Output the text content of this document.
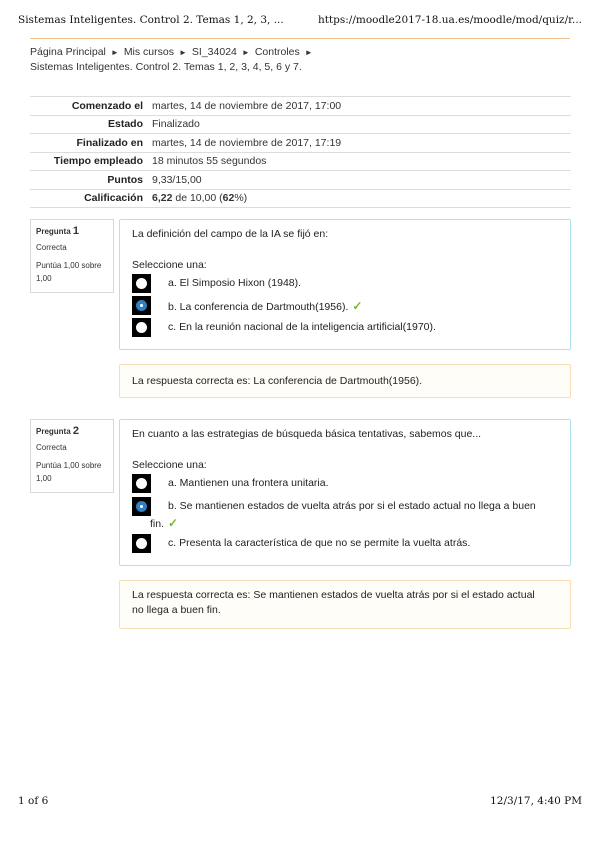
Sistemas Inteligentes. Control 2. Temas 1, 2, 3, ...	https://moodle2017-18.ua.es/moodle/mod/quiz/r...
Página Principal ► Mis cursos ► SI_34024 ► Controles ►
Sistemas Inteligentes. Control 2. Temas 1, 2, 3, 4, 5, 6 y 7.
Comenzado el	martes, 14 de noviembre de 2017, 17:00
Estado	Finalizado
Finalizado en	martes, 14 de noviembre de 2017, 17:19
Tiempo empleado	18 minutos 55 segundos
Puntos	9,33/15,00
Calificación	6,22 de 10,00 (62%)
Pregunta 1
Correcta
Puntúa 1,00 sobre 1,00
La definición del campo de la IA se fijó en:
Seleccione una:
a. El Simposio Hixon (1948).
b. La conferencia de Dartmouth(1956). ✓
c. En la reunión nacional de la inteligencia artificial(1970).
La respuesta correcta es: La conferencia de Dartmouth(1956).
Pregunta 2
Correcta
Puntúa 1,00 sobre 1,00
En cuanto a las estrategias de búsqueda básica tentativas, sabemos que...
Seleccione una:
a. Mantienen una frontera unitaria.
b. Se mantienen estados de vuelta atrás por si el estado actual no llega a buen
fin. ✓
c. Presenta la característica de que no se permite la vuelta atrás.
La respuesta correcta es: Se mantienen estados de vuelta atrás por si el estado actual
no llega a buen fin.
1 of 6	12/3/17, 4:40 PM
